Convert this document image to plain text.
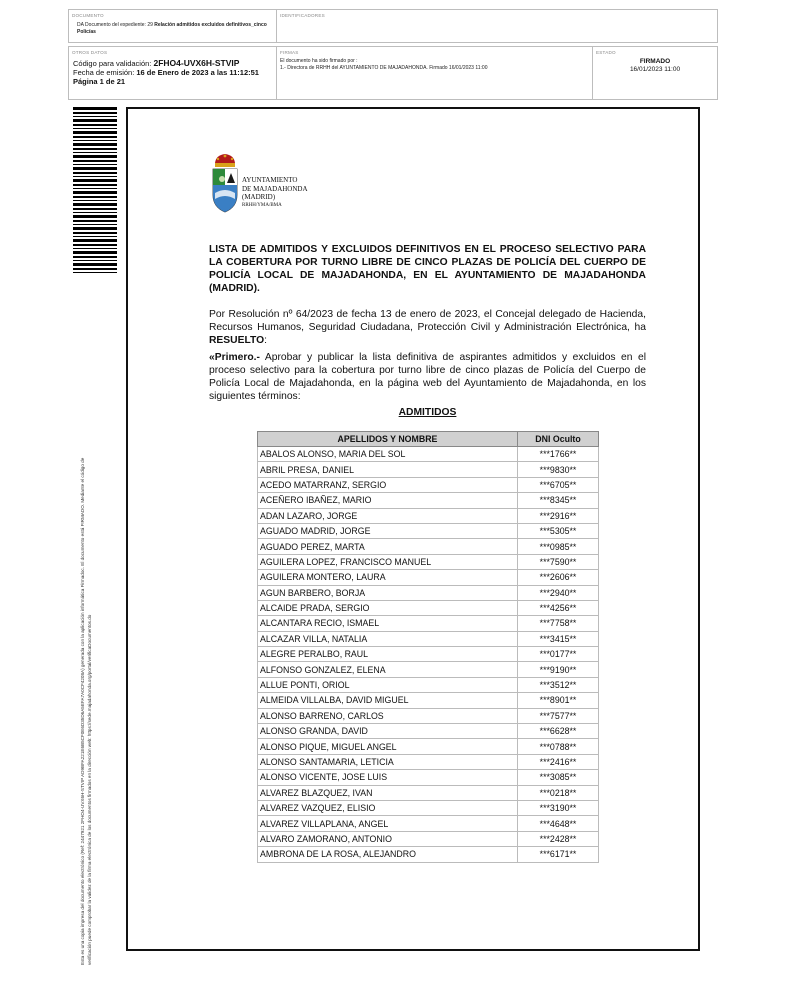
DOCUMENTO
DA Documento del expediente: 29 Relación admitidos excluidos definitivos_cinco Policías
IDENTIFICADORES
OTROS DATOS
Código para validación: 2FHO4-UVX6H-STVIP
Fecha de emisión: 16 de Enero de 2023 a las 11:12:51
Página 1 de 21
FIRMAS
El documento ha sido firmado por :
1.- Directora de RRHH del AYUNTAMIENTO DE MAJADAHONDA. Firmado 16/01/2023 11:00
ESTADO
FIRMADO
16/01/2023 11:00
Esta es una copia impresa del documento electrónico (Ref: 2447921 2FHO4-UVX6H-STVIP AD9BFA221E6B5CF0E6D35D6A5EFA7A0CF4208A) generada con la aplicación informática Firmadoc. El documento está FIRMADO. Mediante el código de verificación puede comprobar la validez de la firma electrónica de los documentos firmados en la dirección web: https://sede.majadahonda.org/portal/verificaDocumentos.do
AYUNTAMIENTO
DE MAJADAHONDA
(MADRID)
RRHH/YMA/BMA
LISTA DE ADMITIDOS Y EXCLUIDOS DEFINITIVOS EN EL PROCESO SELECTIVO PARA LA COBERTURA POR TURNO LIBRE DE CINCO PLAZAS DE POLICÍA DEL CUERPO DE POLICÍA LOCAL DE MAJADAHONDA, EN EL AYUNTAMIENTO DE MAJADAHONDA (MADRID).
Por Resolución nº 64/2023 de fecha 13 de enero de 2023, el Concejal delegado de Hacienda, Recursos Humanos, Seguridad Ciudadana, Protección Civil y Administración Electrónica, ha RESUELTO:
«Primero.- Aprobar y publicar la lista definitiva de aspirantes admitidos y excluidos en el proceso selectivo para la cobertura por turno libre de cinco plazas de Policía del Cuerpo de Policía Local de Majadahonda, en la página web del Ayuntamiento de Majadahonda, en los siguientes términos:
ADMITIDOS
APELLIDOS Y NOMBRE	DNI Oculto
ABALOS ALONSO, MARIA DEL SOL	***1766**
ABRIL PRESA, DANIEL	***9830**
ACEDO MATARRANZ, SERGIO	***6705**
ACEÑERO IBAÑEZ, MARIO	***8345**
ADAN LAZARO, JORGE	***2916**
AGUADO MADRID, JORGE	***5305**
AGUADO PEREZ, MARTA	***0985**
AGUILERA LOPEZ, FRANCISCO MANUEL	***7590**
AGUILERA MONTERO, LAURA	***2606**
AGUN BARBERO, BORJA	***2940**
ALCAIDE PRADA, SERGIO	***4256**
ALCANTARA RECIO, ISMAEL	***7758**
ALCAZAR VILLA, NATALIA	***3415**
ALEGRE PERALBO, RAUL	***0177**
ALFONSO GONZALEZ, ELENA	***9190**
ALLUE PONTI, ORIOL	***3512**
ALMEIDA VILLALBA, DAVID MIGUEL	***8901**
ALONSO BARRENO, CARLOS	***7577**
ALONSO GRANDA, DAVID	***6628**
ALONSO PIQUE, MIGUEL ANGEL	***0788**
ALONSO SANTAMARIA, LETICIA	***2416**
ALONSO VICENTE, JOSE LUIS	***3085**
ALVAREZ BLAZQUEZ, IVAN	***0218**
ALVAREZ VAZQUEZ, ELISIO	***3190**
ALVAREZ VILLAPLANA, ANGEL	***4648**
ALVARO ZAMORANO, ANTONIO	***2428**
AMBRONA DE LA ROSA, ALEJANDRO	***6171**
